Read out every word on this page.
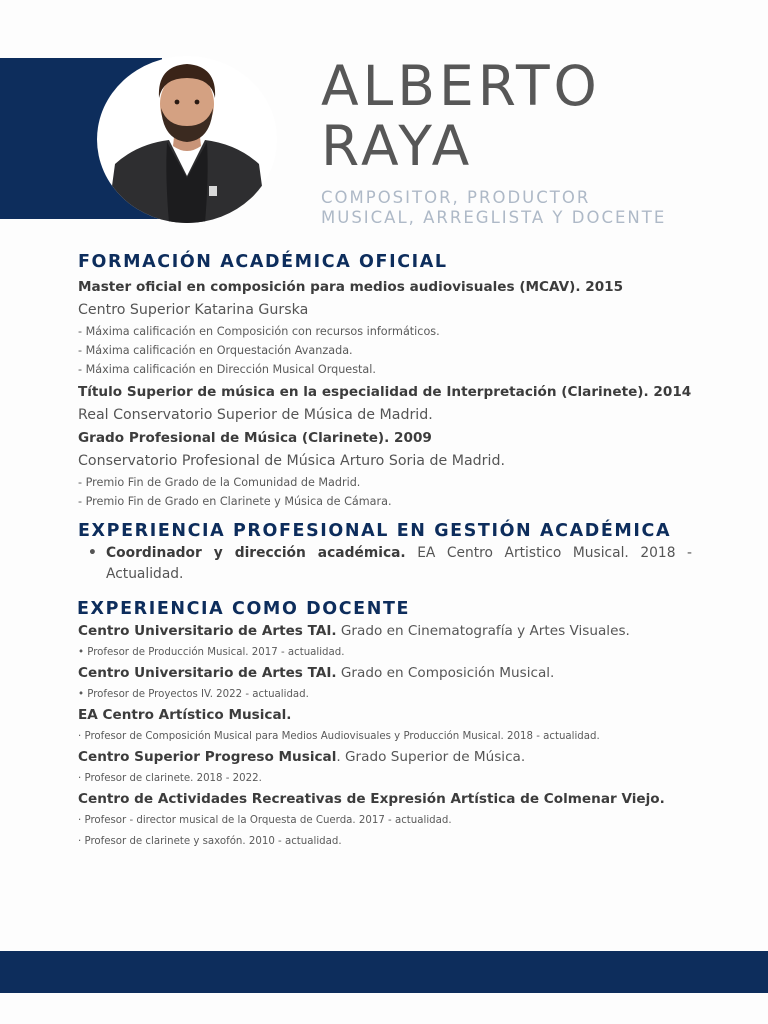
ALBERTO
RAYA
COMPOSITOR, PRODUCTOR
MUSICAL, ARREGLISTA Y DOCENTE
FORMACIÓN ACADÉMICA OFICIAL
Master oficial en composición para medios audiovisuales (MCAV). 2015
Centro Superior Katarina Gurska
- Máxima calificación en Composición con recursos informáticos.
- Máxima calificación en Orquestación Avanzada.
- Máxima calificación en Dirección Musical Orquestal.
Título Superior de música en la especialidad de Interpretación (Clarinete). 2014
Real Conservatorio Superior de Música de Madrid.
Grado Profesional de Música (Clarinete). 2009
Conservatorio Profesional de Música Arturo Soria de Madrid.
- Premio Fin de Grado de la Comunidad de Madrid.
- Premio Fin de Grado en Clarinete y Música de Cámara.
EXPERIENCIA PROFESIONAL EN GESTIÓN ACADÉMICA
• Coordinador y dirección académica. EA Centro Artistico Musical. 2018 - Actualidad.
EXPERIENCIA COMO DOCENTE
Centro Universitario de Artes TAI. Grado en Cinematografía y Artes Visuales.
• Profesor de Producción Musical. 2017 - actualidad.
Centro Universitario de Artes TAI. Grado en Composición Musical.
• Profesor de Proyectos IV. 2022 - actualidad.
EA Centro Artístico Musical.
· Profesor de Composición Musical para Medios Audiovisuales y Producción Musical. 2018 - actualidad.
Centro Superior Progreso Musical. Grado Superior de Música.
· Profesor de clarinete. 2018 - 2022.
Centro de Actividades Recreativas de Expresión Artística de Colmenar Viejo.
· Profesor - director musical de la Orquesta de Cuerda. 2017 - actualidad.
· Profesor de clarinete y saxofón. 2010 - actualidad.
